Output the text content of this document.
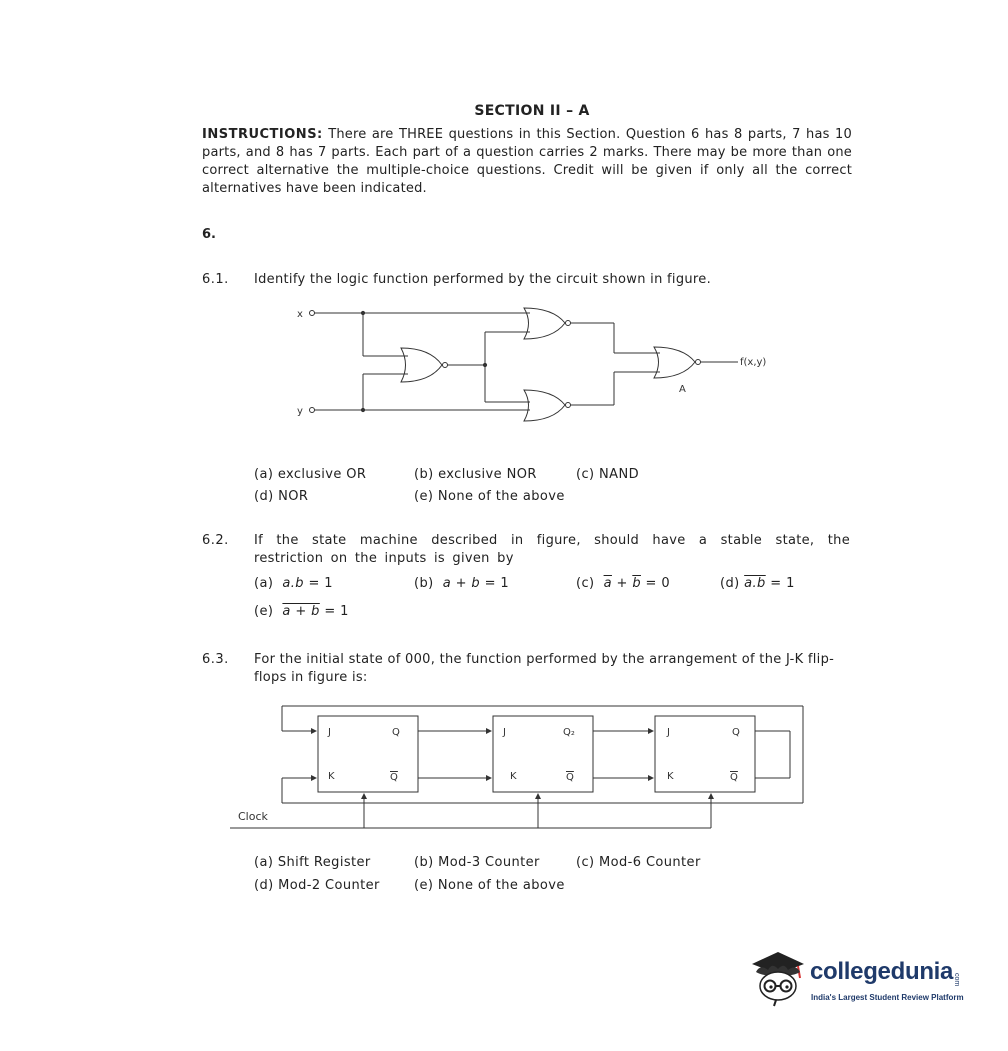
SECTION II – A
INSTRUCTIONS: There are THREE questions in this Section. Question 6 has 8 parts, 7 has 10 parts, and 8 has 7 parts. Each part of a question carries 2 marks. There may be more than one correct alternative the multiple-choice questions. Credit will be given if only all the correct alternatives have been indicated.
6.
6.1. Identify the logic function performed by the circuit shown in figure.
x
y
f(x,y)
A
(a) exclusive OR	(b) exclusive NOR	(c) NAND
(d) NOR	(e) None of the above
6.2. If the state machine described in figure, should have a stable state, the restriction on the inputs is given by
(a) a.b = 1	(b) a + b = 1	(c) $\overline{a} + \overline{b} = 0$	(d) a.b = 1
(e) a + b = 1
6.3. For the initial state of 000, the function performed by the arrangement of the J-K flip-flops in figure is:
Clock
J
K
Q
Q
J
K
Q₂
Q
J
K
Q
Q
(a) Shift Register	(b) Mod-3 Counter	(c) Mod-6 Counter
(d) Mod-2 Counter	(e) None of the above
collegeduniacom
India's Largest Student Review Platform
